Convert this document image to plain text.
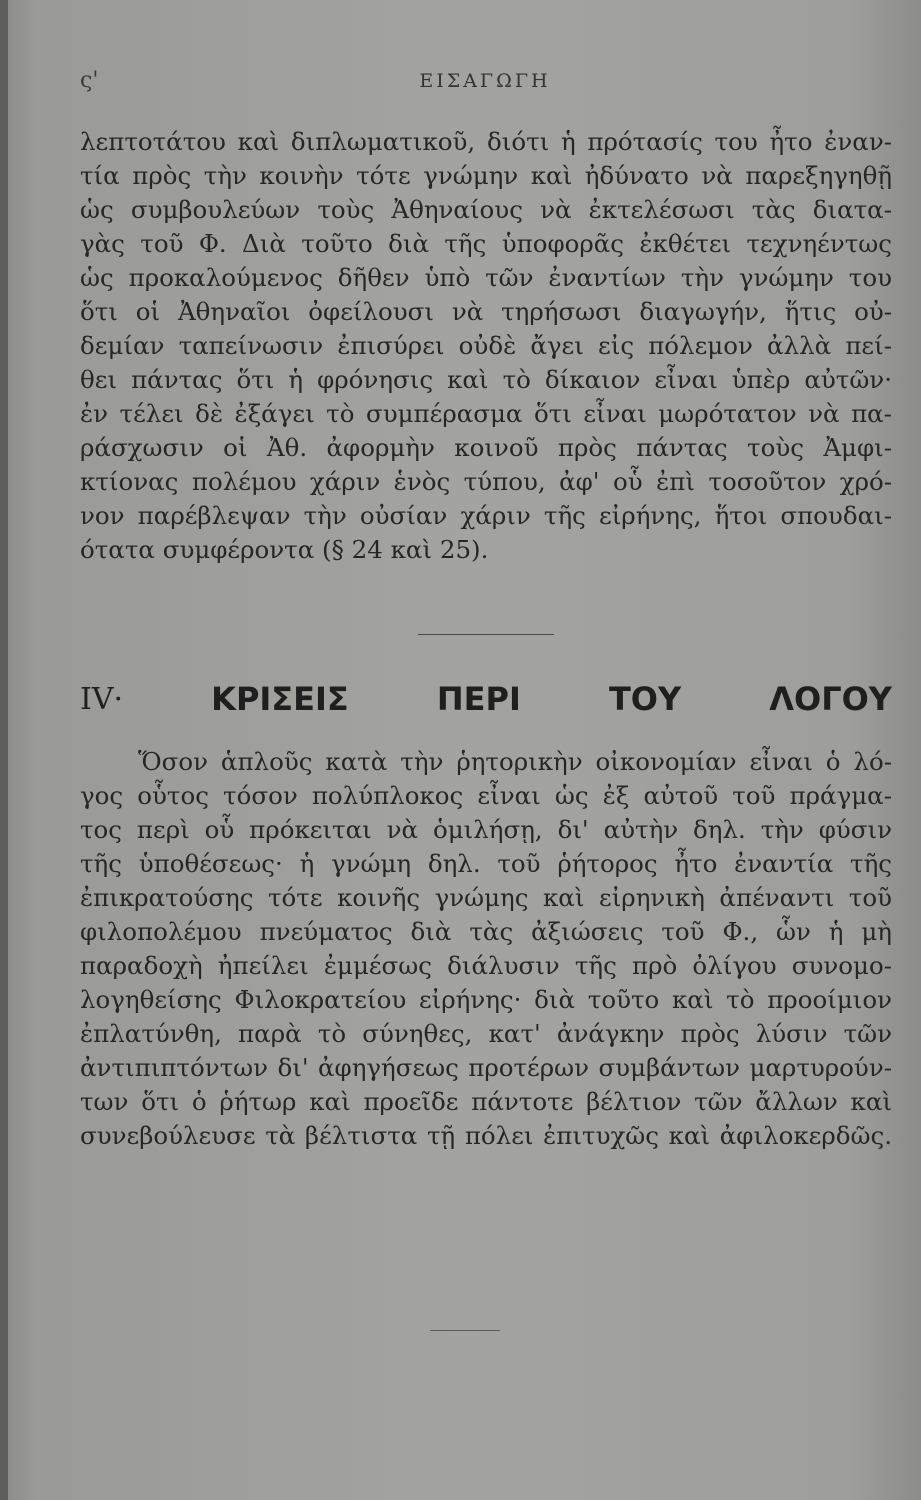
ς'	ΕΙΣΑΓΩΓΗ
λεπτοτάτου καὶ διπλωματικοῦ, διότι ἡ πρότασίς του ἦτο ἐναν-
τία πρὸς τὴν κοινὴν τότε γνώμην καὶ ἠδύνατο νὰ παρεξηγηθῇ
ὡς συμβουλεύων τοὺς Ἀθηναίους νὰ ἐκτελέσωσι τὰς διατα-
γὰς τοῦ Φ. Διὰ τοῦτο διὰ τῆς ὑποφορᾶς ἐκθέτει τεχνηέντως
ὡς προκαλούμενος δῆθεν ὑπὸ τῶν ἐναντίων τὴν γνώμην του
ὅτι οἱ Ἀθηναῖοι ὀφείλουσι νὰ τηρήσωσι διαγωγήν, ἥτις οὐ-
δεμίαν ταπείνωσιν ἐπισύρει οὐδὲ ἄγει εἰς πόλεμον ἀλλὰ πεί-
θει πάντας ὅτι ἡ φρόνησις καὶ τὸ δίκαιον εἶναι ὑπὲρ αὐτῶν·
ἐν τέλει δὲ ἐξάγει τὸ συμπέρασμα ὅτι εἶναι μωρότατον νὰ πα-
ράσχωσιν οἱ Ἀθ. ἀφορμὴν κοινοῦ πρὸς πάντας τοὺς Ἀμφι-
κτίονας πολέμου χάριν ἑνὸς τύπου, ἀφ' οὗ ἐπὶ τοσοῦτον χρό-
νον παρέβλεψαν τὴν οὐσίαν χάριν τῆς εἰρήνης, ἥτοι σπουδαι-
ότατα συμφέροντα (§ 24 καὶ 25).
IV·	ΚΡΙΣΕΙΣ	ΠΕΡΙ	ΤΟΥ	ΛΟΓΟΥ
Ὅσον ἁπλοῦς κατὰ τὴν ῥητορικὴν οἰκονομίαν εἶναι ὁ λό-
γος οὗτος τόσον πολύπλοκος εἶναι ὡς ἐξ αὐτοῦ τοῦ πράγμα-
τος περὶ οὗ πρόκειται νὰ ὁμιλήσῃ, δι' αὐτὴν δηλ. τὴν φύσιν
τῆς ὑποθέσεως· ἡ γνώμη δηλ. τοῦ ῥήτορος ἦτο ἐναντία τῆς
ἐπικρατούσης τότε κοινῆς γνώμης καὶ εἰρηνικὴ ἀπέναντι τοῦ
φιλοπολέμου πνεύματος διὰ τὰς ἀξιώσεις τοῦ Φ., ὧν ἡ μὴ
παραδοχὴ ἠπείλει ἐμμέσως διάλυσιν τῆς πρὸ ὀλίγου συνομο-
λογηθείσης Φιλοκρατείου εἰρήνης· διὰ τοῦτο καὶ τὸ προοίμιον
ἐπλατύνθη, παρὰ τὸ σύνηθες, κατ' ἀνάγκην πρὸς λύσιν τῶν
ἀντιπιπτόντων δι' ἀφηγήσεως προτέρων συμβάντων μαρτυρούν-
των ὅτι ὁ ῥήτωρ καὶ προεῖδε πάντοτε βέλτιον τῶν ἄλλων καὶ
συνεβούλευσε τὰ βέλτιστα τῇ πόλει ἐπιτυχῶς καὶ ἀφιλοκερδῶς.
